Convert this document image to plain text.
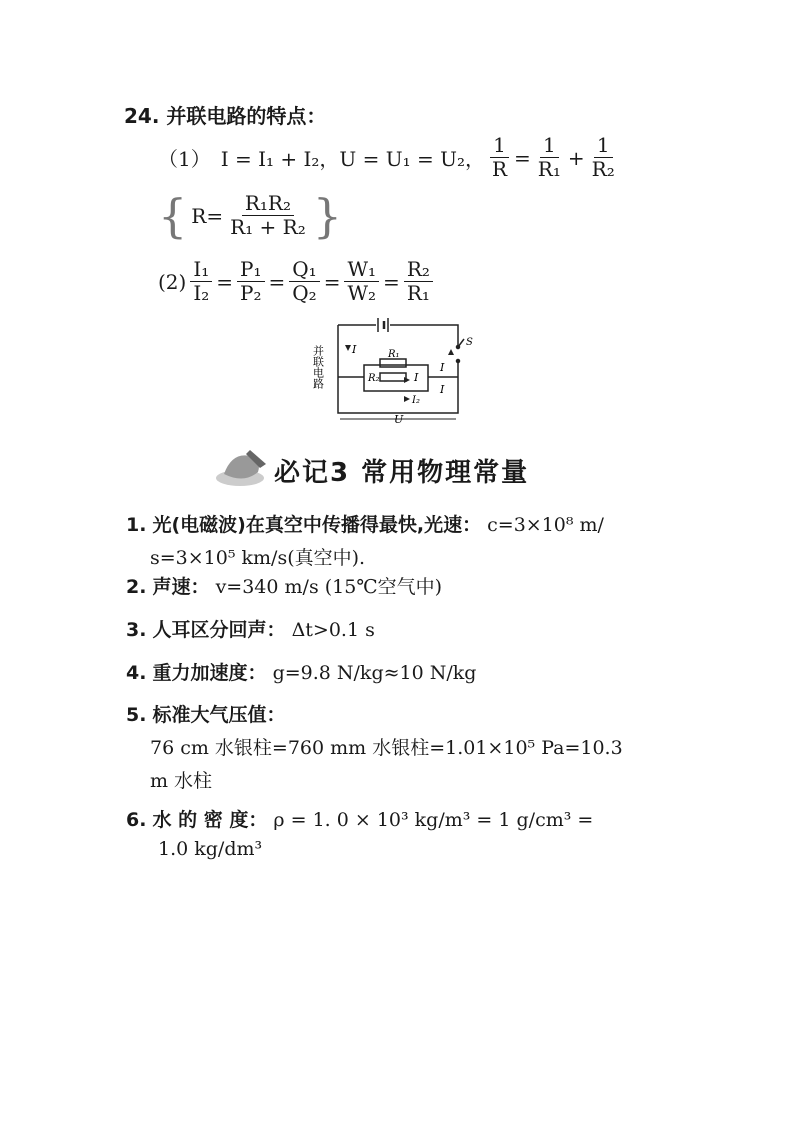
24. 并联电路的特点：
（1） I = I₁ + I₂，U = U₁ = U₂， $\frac{1}{R} = \frac{1}{\text{R₁}} + \frac{1}{\text{R₂}}$
{ $R= \frac{\text{R₁R₂}}{\text{R₁ + R₂}}$ }
$(2) \frac{\text{I₁}}{\text{I₂}} = \frac{\text{P₁}}{\text{P₂}} = \frac{\text{Q₁}}{\text{Q₂}} = \frac{\text{W₁}}{\text{W₂}} = \frac{\text{R₂}}{\text{R₁}}$
并联电路	I	R₁
R₂	I
I
I
I₂
U
S
必记3 常用物理常量
1. 光(电磁波)在真空中传播得最快,光速： c=3×10⁸ m/
s=3×10⁵ km/s(真空中).
2. 声速： v=340 m/s (15℃空气中)
3. 人耳区分回声： Δt>0.1 s
4. 重力加速度： g=9.8 N/kg≈10 N/kg
5. 标准大气压值：
76 cm 水银柱=760 mm 水银柱=1.01×10⁵ Pa=10.3
m 水柱
6. 水 的 密 度： ρ = 1. 0 × 10³ kg/m³ = 1 g/cm³ =
1.0 kg/dm³
